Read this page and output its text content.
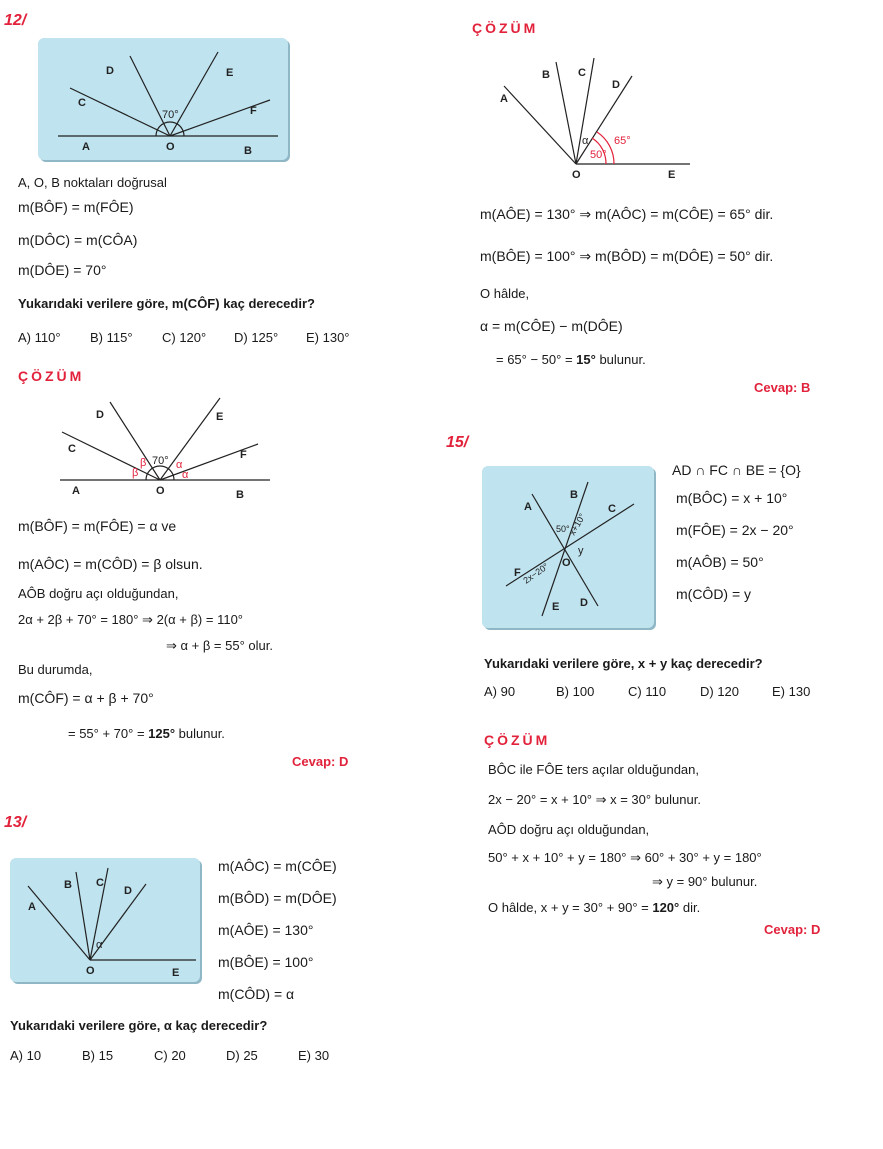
12/
A	O	B
C
D	E
F
70°
A, O, B noktaları doğrusal
m(BÔF) = m(FÔE)
m(DÔC) = m(CÔA)
m(DÔE) = 70°
Yukarıdaki verilere göre, m(CÔF) kaç derecedir?
A) 110° B) 115° C) 120° D) 125° E) 130°
ÇÖZÜM
A	O	B
C
D	E
F
70°
β
β	α
α
m(BÔF) = m(FÔE) = α ve
m(AÔC) = m(CÔD) = β olsun.
AÔB doğru açı olduğundan,
2α + 2β + 70° = 180° ⇒ 2(α + β) = 110°
⇒ α + β = 55° olur.
Bu durumda,
m(CÔF) = α + β + 70°
= 55° + 70° = 125° bulunur.
Cevap: D
13/
A
B C
D
E
O
α
m(AÔC) = m(CÔE)
m(BÔD) = m(DÔE)
m(AÔE) = 130°
m(BÔE) = 100°
m(CÔD) = α
Yukarıdaki verilere göre, α kaç derecedir?
A) 10	B) 15	C) 20	D) 25	E) 30
ÇÖZÜM
A
B	C
D
E
O
α 65°
50°
m(AÔE) = 130° ⇒ m(AÔC) = m(CÔE) = 65° dir.
m(BÔE) = 100° ⇒ m(BÔD) = m(DÔE) = 50° dir.
O hâlde,
α = m(CÔE) − m(DÔE)
= 65° − 50° = 15° bulunur.
Cevap: B
15/
A
B
C
D
E
F
O
50°
x+10°
2x−20°
y
AD ∩ FC ∩ BE = {O}
m(BÔC) = x + 10°
m(FÔE) = 2x − 20°
m(AÔB) = 50°
m(CÔD) = y
Yukarıdaki verilere göre, x + y kaç derecedir?
A) 90	B) 100	C) 110	D) 120	E) 130
ÇÖZÜM
BÔC ile FÔE ters açılar olduğundan,
2x − 20° = x + 10° ⇒ x = 30° bulunur.
AÔD doğru açı olduğundan,
50° + x + 10° + y = 180° ⇒ 60° + 30° + y = 180°
⇒ y = 90° bulunur.
O hâlde, x + y = 30° + 90° = 120° dir.
Cevap: D
